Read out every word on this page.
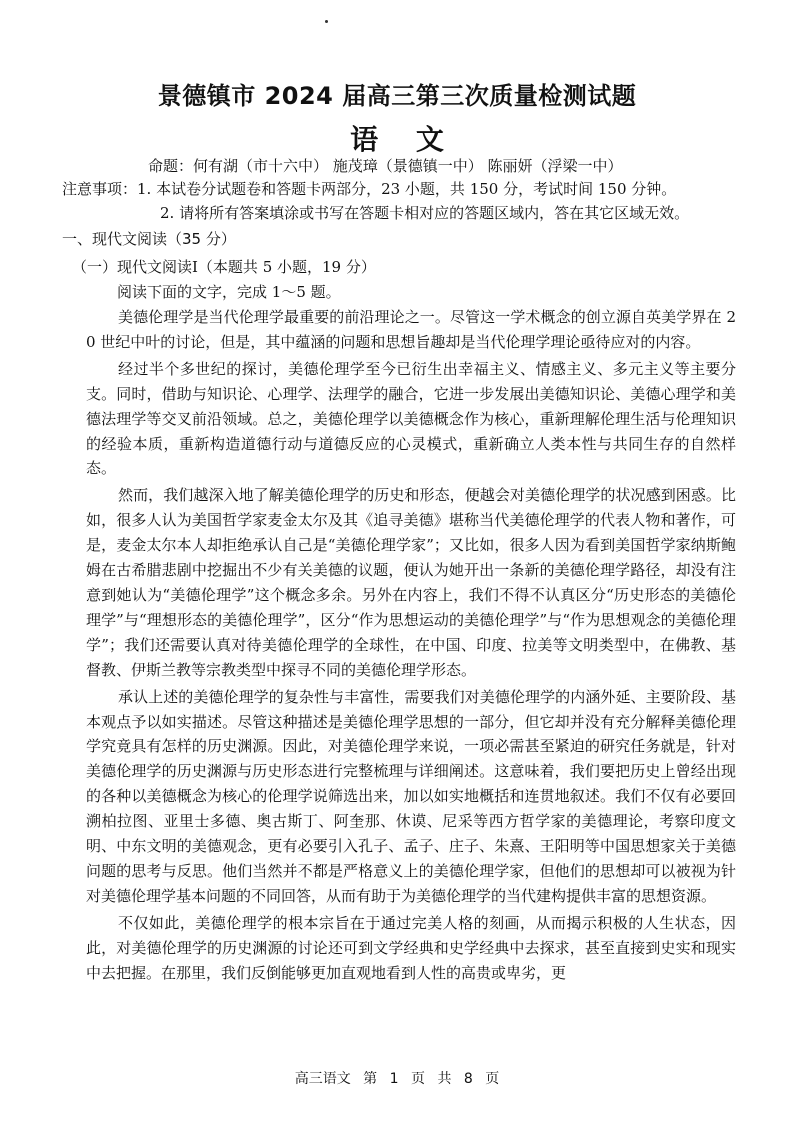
景德镇市 2024 届高三第三次质量检测试题
语 文
命题：何有湖（市十六中） 施茂璋（景德镇一中） 陈丽妍（浮梁一中）
注意事项：1. 本试卷分试题卷和答题卡两部分，23 小题，共 150 分，考试时间 150 分钟。
2. 请将所有答案填涂或书写在答题卡相对应的答题区域内，答在其它区域无效。
一、现代文阅读（35 分）
（一）现代文阅读Ⅰ（本题共 5 小题，19 分）
阅读下面的文字，完成 1～5 题。

美德伦理学是当代伦理学最重要的前沿理论之一。尽管这一学术概念的创立源自英美学界在 20 世纪中叶的讨论，但是，其中蕴涵的问题和思想旨趣却是当代伦理学理论亟待应对的内容。

经过半个多世纪的探讨，美德伦理学至今已衍生出幸福主义、情感主义、多元主义等主要分支。同时，借助与知识论、心理学、法理学的融合，它进一步发展出美德知识论、美德心理学和美德法理学等交叉前沿领域。总之，美德伦理学以美德概念作为核心，重新理解伦理生活与伦理知识的经验本质，重新构造道德行动与道德反应的心灵模式，重新确立人类本性与共同生存的自然样态。

然而，我们越深入地了解美德伦理学的历史和形态，便越会对美德伦理学的状况感到困惑。比如，很多人认为美国哲学家麦金太尔及其《追寻美德》堪称当代美德伦理学的代表人物和著作，可是，麦金太尔本人却拒绝承认自己是“美德伦理学家”；又比如，很多人因为看到美国哲学家纳斯鲍姆在古希腊悲剧中挖掘出不少有关美德的议题，便认为她开出一条新的美德伦理学路径，却没有注意到她认为“美德伦理学”这个概念多余。另外在内容上，我们不得不认真区分“历史形态的美德伦理学”与“理想形态的美德伦理学”，区分“作为思想运动的美德伦理学”与“作为思想观念的美德伦理学”；我们还需要认真对待美德伦理学的全球性，在中国、印度、拉美等文明类型中，在佛教、基督教、伊斯兰教等宗教类型中探寻不同的美德伦理学形态。

承认上述的美德伦理学的复杂性与丰富性，需要我们对美德伦理学的内涵外延、主要阶段、基本观点予以如实描述。尽管这种描述是美德伦理学思想的一部分，但它却并没有充分解释美德伦理学究竟具有怎样的历史渊源。因此，对美德伦理学来说，一项必需甚至紧迫的研究任务就是，针对美德伦理学的历史渊源与历史形态进行完整梳理与详细阐述。这意味着，我们要把历史上曾经出现的各种以美德概念为核心的伦理学说筛选出来，加以如实地概括和连贯地叙述。我们不仅有必要回溯柏拉图、亚里士多德、奥古斯丁、阿奎那、休谟、尼采等西方哲学家的美德理论，考察印度文明、中东文明的美德观念，更有必要引入孔子、孟子、庄子、朱熹、王阳明等中国思想家关于美德问题的思考与反思。他们当然并不都是严格意义上的美德伦理学家，但他们的思想却可以被视为针对美德伦理学基本问题的不同回答，从而有助于为美德伦理学的当代建构提供丰富的思想资源。

不仅如此，美德伦理学的根本宗旨在于通过完美人格的刻画，从而揭示积极的人生状态，因此，对美德伦理学的历史渊源的讨论还可到文学经典和史学经典中去探求，甚至直接到史实和现实中去把握。在那里，我们反倒能够更加直观地看到人性的高贵或卑劣，更

高三语文 第 1 页 共 8 页
